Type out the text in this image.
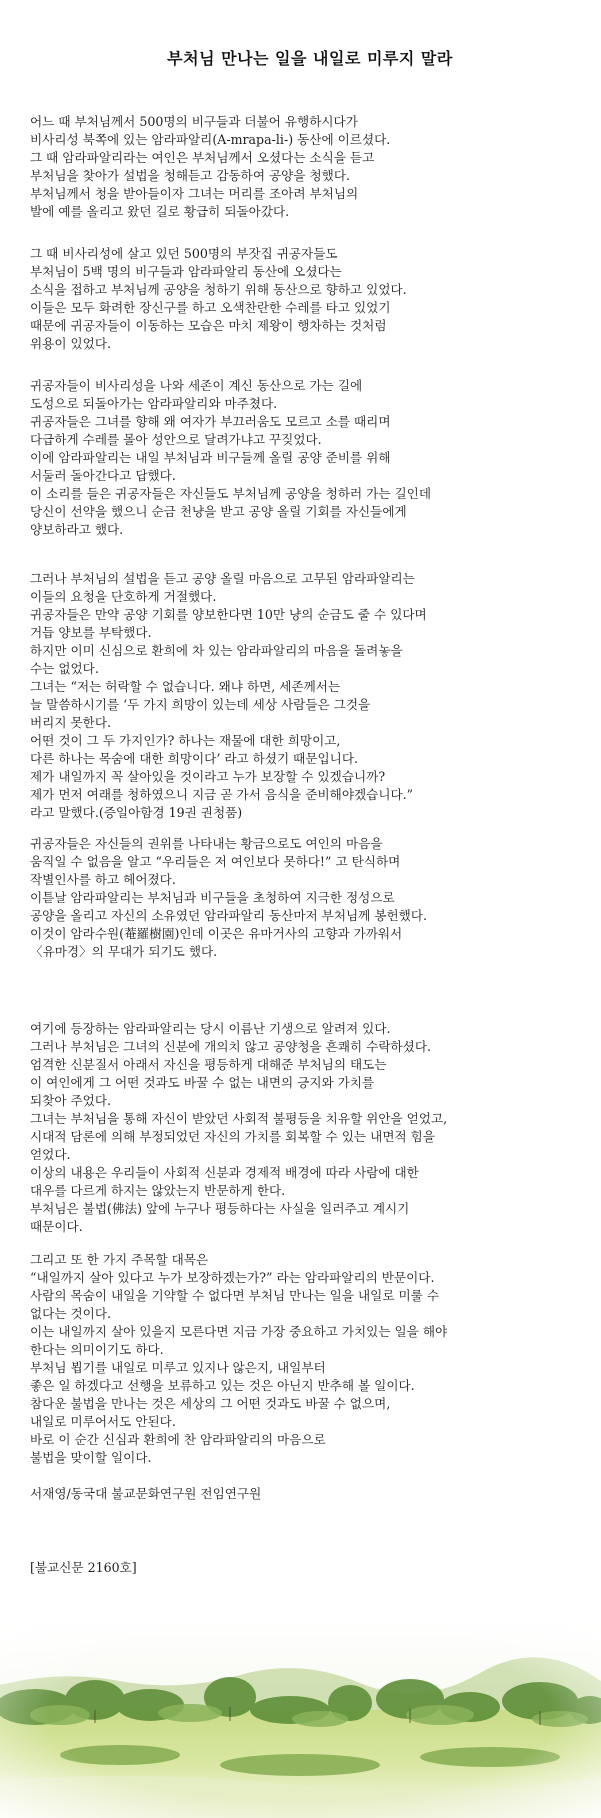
부처님 만나는 일을 내일로 미루지 말라
어느 때 부처님께서 500명의 비구들과 더불어 유행하시다가
비사리성 북쪽에 있는 암라파알리(A-mrapa-li-) 동산에 이르셨다.
그 때 암라파알리라는 여인은 부처님께서 오셨다는 소식을 듣고
부처님을 찾아가 설법을 청해듣고 감동하여 공양을 청했다.
부처님께서 청을 받아들이자 그녀는 머리를 조아려 부처님의
발에 예를 올리고 왔던 길로 황급히 되돌아갔다.
그 때 비사리성에 살고 있던 500명의 부잣집 귀공자들도
부처님이 5백 명의 비구들과 암라파알리 동산에 오셨다는
소식을 접하고 부처님께 공양을 청하기 위해 동산으로 향하고 있었다.
이들은 모두 화려한 장신구를 하고 오색찬란한 수레를 타고 있었기
때문에 귀공자들이 이동하는 모습은 마치 제왕이 행차하는 것처럼
위용이 있었다.
귀공자들이 비사리성을 나와 세존이 계신 동산으로 가는 길에
도성으로 되돌아가는 암라파알리와 마주쳤다.
귀공자들은 그녀를 향해 왜 여자가 부끄러움도 모르고 소를 때리며
다급하게 수레를 몰아 성안으로 달려가냐고 꾸짖었다.
이에 암라파알리는 내일 부처님과 비구들께 올릴 공양 준비를 위해
서둘러 돌아간다고 답했다.
이 소리를 들은 귀공자들은 자신들도 부처님께 공양을 청하러 가는 길인데
당신이 선약을 했으니 순금 천냥을 받고 공양 올릴 기회를 자신들에게
양보하라고 했다.
그러나 부처님의 설법을 듣고 공양 올릴 마음으로 고무된 암라파알리는
이들의 요청을 단호하게 거절했다.
귀공자들은 만약 공양 기회를 양보한다면 10만 냥의 순금도 줄 수 있다며
거듭 양보를 부탁했다.
하지만 이미 신심으로 환희에 차 있는 암라파알리의 마음을 돌려놓을
수는 없었다.
그녀는 “저는 허락할 수 없습니다. 왜냐 하면, 세존께서는
늘 말씀하시기를 ‘두 가지 희망이 있는데 세상 사람들은 그것을
버리지 못한다.
어떤 것이 그 두 가지인가? 하나는 재물에 대한 희망이고,
다른 하나는 목숨에 대한 희망이다’ 라고 하셨기 때문입니다.
제가 내일까지 꼭 살아있을 것이라고 누가 보장할 수 있겠습니까?
제가 먼저 여래를 청하였으니 지금 곧 가서 음식을 준비해야겠습니다.”
라고 말했다.(증일아함경 19권 권청품)
귀공자들은 자신들의 권위를 나타내는 황금으로도 여인의 마음을
움직일 수 없음을 알고 “우리들은 저 여인보다 못하다!” 고 탄식하며
작별인사를 하고 헤어졌다.
이튿날 암라파알리는 부처님과 비구들을 초청하여 지극한 정성으로
공양을 올리고 자신의 소유였던 암라파알리 동산마저 부처님께 봉헌했다.
이것이 암라수원(菴羅樹園)인데 이곳은 유마거사의 고향과 가까워서
〈유마경〉의 무대가 되기도 했다.
여기에 등장하는 암라파알리는 당시 이름난 기생으로 알려져 있다.
그러나 부처님은 그녀의 신분에 개의치 않고 공양청을 흔쾌히 수락하셨다.
엄격한 신분질서 아래서 자신을 평등하게 대해준 부처님의 태도는
이 여인에게 그 어떤 것과도 바꿀 수 없는 내면의 긍지와 가치를
되찾아 주었다.
그녀는 부처님을 통해 자신이 받았던 사회적 불평등을 치유할 위안을 얻었고,
시대적 담론에 의해 부정되었던 자신의 가치를 회복할 수 있는 내면적 힘을
얻었다.
이상의 내용은 우리들이 사회적 신분과 경제적 배경에 따라 사람에 대한
대우를 다르게 하지는 않았는지 반문하게 한다.
부처님은 불법(佛法) 앞에 누구나 평등하다는 사실을 일러주고 계시기
때문이다.
그리고 또 한 가지 주목할 대목은
“내일까지 살아 있다고 누가 보장하겠는가?” 라는 암라파알리의 반문이다.
사람의 목숨이 내일을 기약할 수 없다면 부처님 만나는 일을 내일로 미룰 수
없다는 것이다.
이는 내일까지 살아 있을지 모른다면 지금 가장 중요하고 가치있는 일을 해야
한다는 의미이기도 하다.
부처님 뵙기를 내일로 미루고 있지나 않은지, 내일부터
좋은 일 하겠다고 선행을 보류하고 있는 것은 아닌지 반추해 볼 일이다.
참다운 불법을 만나는 것은 세상의 그 어떤 것과도 바꿀 수 없으며,
내일로 미루어서도 안된다.
바로 이 순간 신심과 환희에 찬 암라파알리의 마음으로
불법을 맞이할 일이다.
서재영/동국대 불교문화연구원 전임연구원
[불교신문 2160호]
